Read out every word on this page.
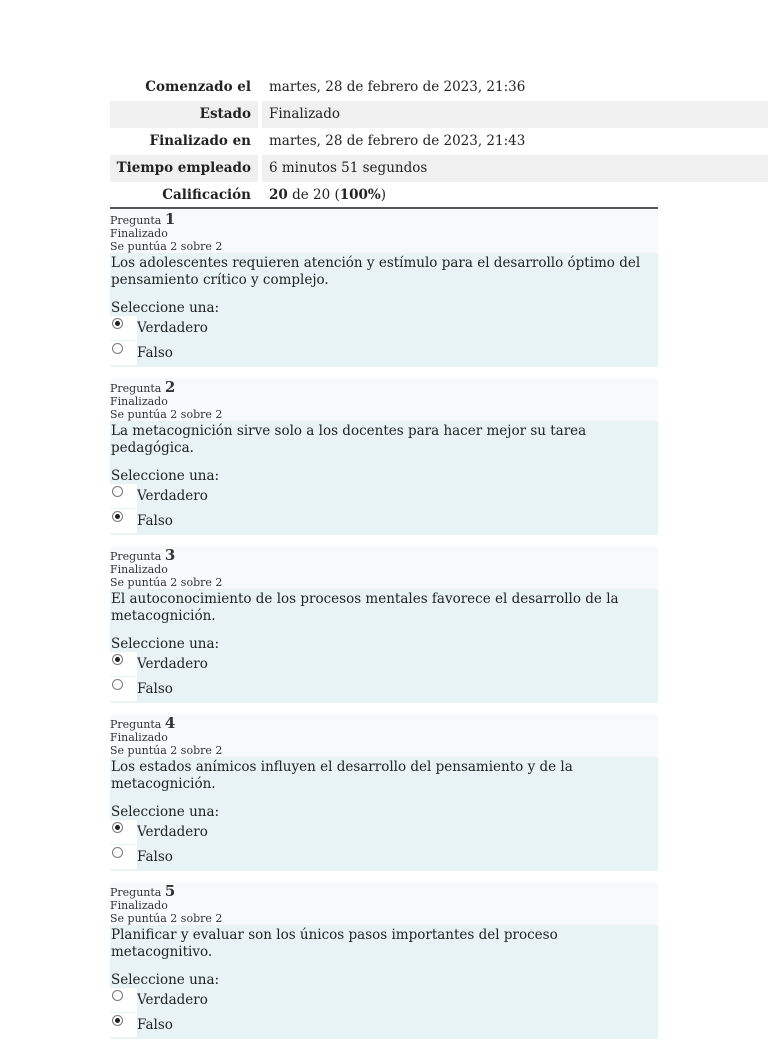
Comenzado el	martes, 28 de febrero de 2023, 21:36
Estado	Finalizado
Finalizado en	martes, 28 de febrero de 2023, 21:43
Tiempo empleado	6 minutos 51 segundos
Calificación	20 de 20 (100%)
Pregunta 1
Finalizado
Se puntúa 2 sobre 2
Los adolescentes requieren atención y estímulo para el desarrollo óptimo del pensamiento crítico y complejo.
Seleccione una:
Verdadero
Falso
Pregunta 2
Finalizado
Se puntúa 2 sobre 2
La metacognición sirve solo a los docentes para hacer mejor su tarea pedagógica.
Seleccione una:
Verdadero
Falso
Pregunta 3
Finalizado
Se puntúa 2 sobre 2
El autoconocimiento de los procesos mentales favorece el desarrollo de la metacognición.
Seleccione una:
Verdadero
Falso
Pregunta 4
Finalizado
Se puntúa 2 sobre 2
Los estados anímicos influyen el desarrollo del pensamiento y de la metacognición.
Seleccione una:
Verdadero
Falso
Pregunta 5
Finalizado
Se puntúa 2 sobre 2
Planificar y evaluar son los únicos pasos importantes del proceso metacognitivo.
Seleccione una:
Verdadero
Falso
